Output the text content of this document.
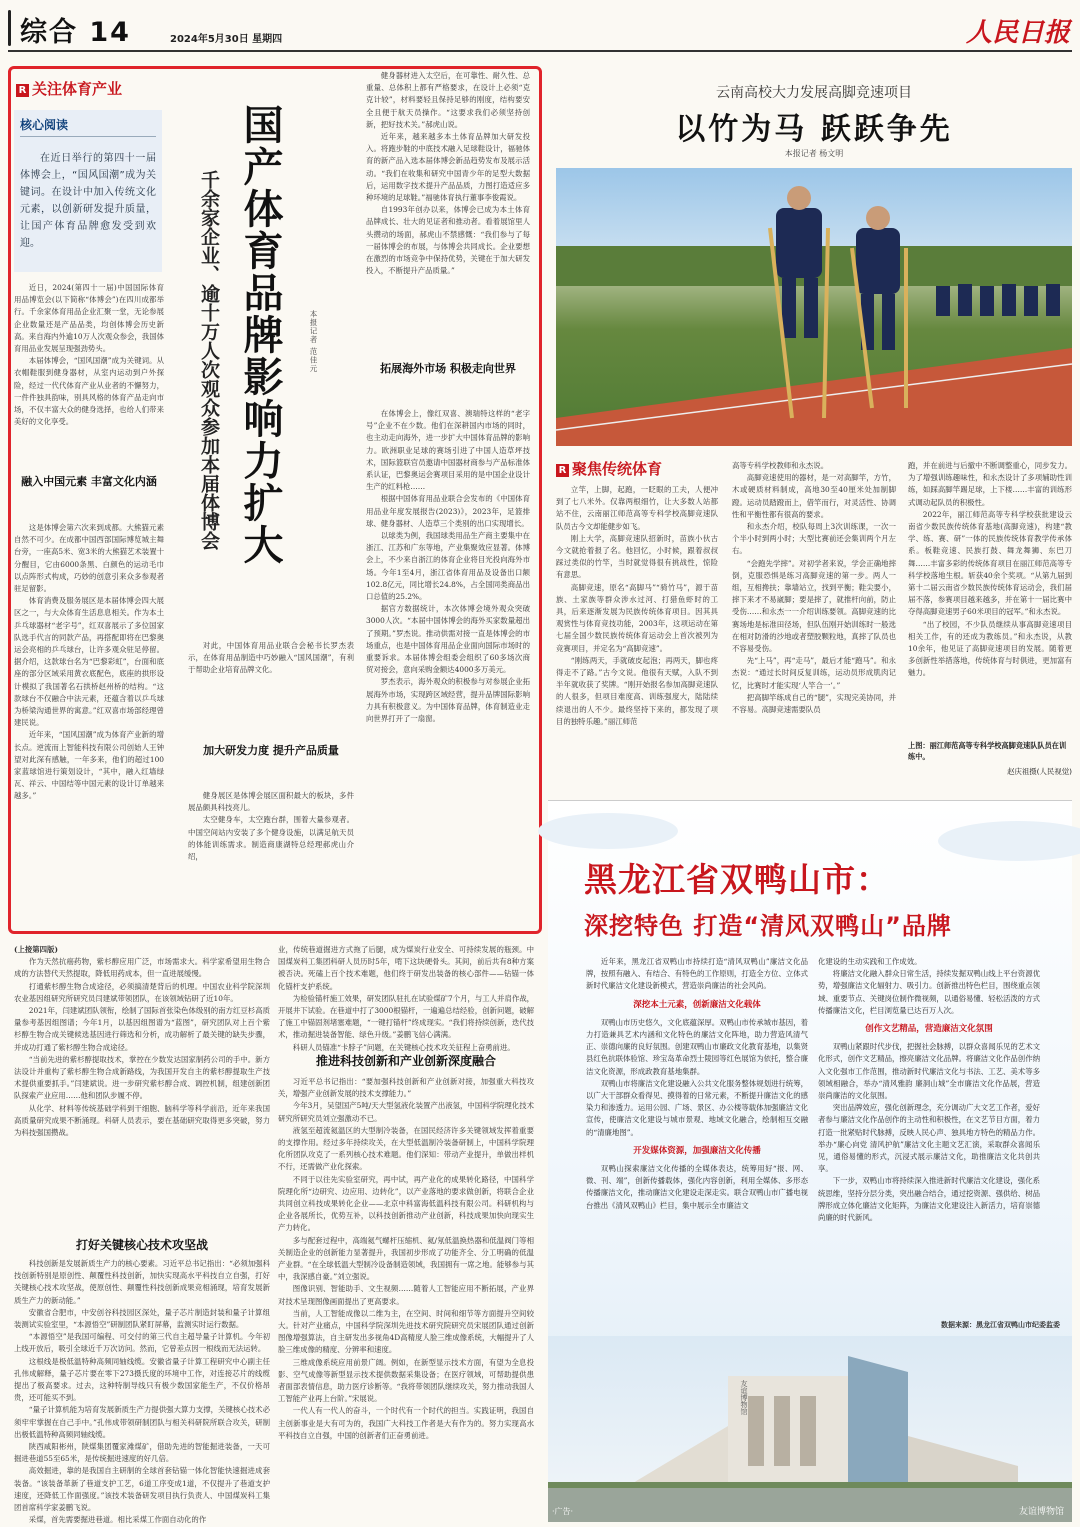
综合 14	2024年5月30日 星期四	人民日报
R 关注体育产业
核心阅读
在近日举行的第四十一届体博会上，“国风国潮”成为关键词。在设计中加入传统文化元素，以创新研发提升质量，让国产体育品牌愈发受到欢迎。	国产体育品牌影响力扩大
千余家企业、逾十万人次观众参加本届体博会	本报记者 范佳元

近日，2024(第四十一届)中国国际体育用品博览会(以下简称“体博会”)在四川成都举行。千余家体育用品企业汇聚一堂，无论参展企业数量还是产品品类，均创体博会历史新高。来自海内外逾10万人次观众参会，我国体育用品业发展呈现强劲势头。

本届体博会，“国风国潮”成为关键词。从衣帽鞋服到健身器材，从室内运动到户外探险，经过一代代体育产业从业者的不懈努力，一件件独具韵味，别具风格的体育产品走向市场，不仅丰富大众的健身选择，也给人们带来美好的文化享受。

融入中国元素 丰富文化内涵

这是体博会第六次来到成都。大熊猫元素自然不可少。在成都中国西部国际博览城主舞台旁，一座高5米、宽3米的大熊猫艺术装置十分醒目，它由6000条黑、白颜色的运动毛巾以点阵形式构成，巧妙的创意引来众多参观者驻足留影。

体育消费及服务展区是本届体博会四大展区之一，与大众体育生活息息相关。作为本土乒乓球器材“老字号”，红双喜展示了多位国家队选手代言的同款产品，再搭配即将在巴黎奥运会亮相的乒乓球台，让许多观众驻足停留。据介绍，这款球台名为“巴黎彩虹”，台面和底座的部分区域采用黄衣底配色，底座的拱形设计模拟了我国著名石拱桥赵州桥的结构。“这款球台不仅融合中法元素，还蕴含着以乒乓球为桥梁沟通世界的寓意。”红双喜市场部经理曾建民说。

近年来，“国风国潮”成为体育产业新的增长点。逆流而上智能科技有限公司创始人王钟望对此深有感触，一年多来，他们的超过100家蓝球馆进行策划设计，“其中，融入红墙绿瓦、祥云、中国结等中国元素的设计订单越来越多。”

对此，中国体育用品业联合会秘书长罗杰表示，在体育用品制造中巧妙融入“国风国潮”，有利于帮助企业培育品牌文化。

加大研发力度 提升产品质量

健身展区是体博会展区面积最大的板块，多件展品颇具科技亮儿。

太空健身车，太空跑台群，围着大量参观者。中国空间站内安装了多个健身设施，以满足航天员的体能训练需求。制造商康湖特总经理郝虎山介绍，

健身器材进入太空后，在可靠性、耐久性、总重量、总体积上都有严格要求，在设计上必须“克克计较”，材料要轻且保持足够的刚度，结构要安全且便于航天员操作。“这要求我们必须坚持创新，把好技术关。”郝虎山说。

近年来，越来越多本土体育品牌加大研发投入。将跑步鞋的中底技术融入足球鞋设计，福驰体育的新产品入选本届体博会新品趋势发布及展示活动。“我们在收集和研究中国青少年的足型大数据后，运用数字技术提升产品品质，力图打造适应多种环境的足球鞋。”福驰体育执行董事李俊霞说。

自1993年创办以来，体博会已成为本土体育品牌成长、壮大的见证者和推动者。看着展馆里人头攒动的场面，郝虎山不禁感慨：“我们参与了每一届体博会的布展，与体博会共同成长。企业要想在激烈的市场竞争中保持优势，关键在于加大研发投入，不断提升产品质量。”

拓展海外市场 积极走向世界

在体博会上，像红双喜、澳瑞特这样的“老字号”企业不在少数。他们在深耕国内市场的同时，也主动走向海外，进一步扩大中国体育品牌的影响力。欧洲职业足球的赛场引进了中国人造草坪技术，国际篮联官员邀请中国器材商参与产品标准体系认证，巴黎奥运会赛项目采用的是中国企业设计生产的红料枪……

根据中国体育用品业联合会发布的《中国体育用品业年度发展报告(2023)》，2023年，足篮排球、健身器材、人造草三个类别的出口实现增长。

以球类为例，我国球类用品生产商主要集中在浙江、江苏和广东等地，产业集聚效应显著。体博会上，不少来自浙江的体育企业将目光投向海外市场。今年1至4月，浙江省体育用品及设备出口额102.8亿元，同比增长24.8%，占全国同类商品出口总值的25.2%。

据官方数据统计，本次体博会境外观众突破3000人次。“本届中国体博会的海外买家数量超出了预期。”罗杰说。推动供需对接一直是体博会的市场重点，也是中国体育用品企业面向国际市场时的重要诉求。本届体博会组委会组织了60多场次商贸对接会，意向采购金额达4000多万美元。

罗杰表示，海外观众的积极参与对参展企业拓展海外市场，实现跨区域经营，提升品牌国际影响力具有积极意义。为中国体育品牌，体育制造业走向世界打开了一扇窗。

云南高校大力发展高脚竞速项目
以竹为马 跃跃争先
本报记者 杨文明
R 聚焦传统体育

立竿，上脚，起跑，一眨眼的工夫，人便冲到了七八米外。仅靠两根细竹，让大多数人站都站不住，云南丽江师范高等专科学校高脚竞速队队员古今文却能健步如飞。

刚上大学，高脚竞速队招新时，苗族小伙古今文就抢着报了名。他回忆，小时候，跟着叔叔踩过类似的竹竿，当时就觉得很有挑战性，惊险有意思。

高脚竞速，原名“高脚马”“骑竹马”，源于苗族、土家族等群众涉水过河、打猎鱼虾时的工具，后来逐渐发展为民族传统体育项目。因其具观赏性与体育竞技功能，2003年，这项运动在第七届全国少数民族传统体育运动会上首次被列为竞赛项目，并定名为“高脚竞速”。

“刚练两天，手就破皮起泡；再两天，脚也疼得走不了路。”古今文说。他很有天赋，入队不到半年就收获了奖牌。“刚开始报名参加高脚竞速队的人很多，但项目难度高、训练强度大，陆陆续续退出的人不少。最终坚持下来的，都发现了项目的独特乐趣。”丽江师范

高等专科学校教师和永杰说。

高脚竞速使用的器材，是一对高脚竿，方竹，木或硬质材料制成，高地30至40厘米处加制脚蹬。运动员踏蹬而上，借竿而行，对灵活性、协调性和平衡性都有很高的要求。

和永杰介绍，校队每周上3次训练课，一次一个半小时到两小时；大型比赛前还会集训两个月左右。

“会跑先学摔”。对初学者来说，学会正确地摔倒，克服恐惧是练习高脚竞速的第一步。两人一组，互相搀扶；靠墙站立，找到平衡；鞋尖要小，摔下来才不易崴脚；要是摔了，就推杆向前，防止受伤……和永杰一一介绍训练要领。高脚竞速的比赛场地是标准田径场，但队伍刚开始训练时一般选在相对防滑的沙地或者塑胶颗粒地，真摔了队员也不容易受伤。

先“上马”，再“走马”，最后才能“跑马”。和永杰说：“通过长时间反复训练，运动员形成肌肉记忆，比赛时才能实现‘人竿合一’。”

把高脚竿练成自己的“腿”，实现完美协同，并不容易。高脚竞速需要队员

跑，并在前进与后撤中不断调整重心，同步发力。为了增强训练趣味性，和永杰设计了多项辅助性训练，如踩高脚竿踢足球，上下楼……丰富的训练形式调动起队员的积极性。

2022年，丽江师范高等专科学校获批建设云南省少数民族传统体育基地(高脚竞速)，构建“教学、练、赛、研”一体的民族传统体育教学传承体系。板鞋竞速、民族打鼓、舞龙舞狮、东巴刀舞……丰富多彩的传统体育项目在丽江师范高等专科学校落地生根。斩获40余个奖项。“从第九届到第十二届云南省少数民族传统体育运动会，我们届届不落，参赛项目越来越多，并在第十一届比赛中夺得高脚竞速男子60米项目的冠军。”和永杰说。

“出了校园，不少队员继续从事高脚竞速项目相关工作，有的还成为教练员。”和永杰说，从教10余年，他见证了高脚竞速项目的发展。随着更多创新性举措落地，传统体育与时俱进，更加富有魅力。

上图：丽江师范高等专科学校高脚竞速队队员在训练中。
赵庆祖摄(人民视觉)

(上接第四版)

作为天然抗癌药物，紫杉醇应用广泛，市场需求大。科学家希望用生物合成的方法替代天然提取，降低用药成本，但一直进展缓慢。

打通紫杉醇生物合成途径，必须搞清楚背后的机理。中国农业科学院深圳农业基因组研究所研究员闫建斌带领团队，在该领域钻研了近10年。

2021年，闫建斌团队领衔，绘制了国际首张染色体级别的南方红豆杉高质量参考基因组图谱；今年1月，以基因组图谱为“蓝图”，研究团队对上百个紫杉醇生物合成关键候选基因进行筛选和分析，成功解析了最关键的缺失步骤，并成功打通了紫杉醇生物合成途径。

“当前先进的紫杉醇提取技术，掌控在少数发达国家制药公司的手中。新方法设计并重构了紫杉醇生物合成新路线，为我国开发自主的紫杉醇提取生产技术提供重要抓手。”闫建斌说。进一步研究紫杉醇合成、调控机制，组建创新团队探索产业应用……他和团队步履不停。

从化学、材料等传统基础学科到干细胞、脑科学等科学前沿，近年来我国高质量研究成果不断涌现。科研人员表示，要在基础研究取得更多突破，努力为科技强国攒战。

打好关键核心技术攻坚战

科技创新是发展新质生产力的核心要素。习近平总书记指出：“必须加强科技创新特别是原创性、颠覆性科技创新，加快实现高水平科技自立自强，打好关键核心技术攻坚战，使原创性、颠覆性科技创新成果竞相涌现，培育发展新质生产力的新动能。”

安徽省合肥市，中安创谷科技园区深处，量子芯片制造封装和量子计算组装测试实验室里，“本源悟空”研制团队紧盯屏幕，监测实时运行数据。

“本源悟空”是我国可编程、可交付的第三代自主超导量子计算机。今年初上线开放后，吸引全球近千万次访问。然而，它曾差点因一根线而无法运转。

这根线是极低温特种高频同轴线缆。安徽省量子计算工程研究中心副主任孔伟成解释，量子芯片要在零下273摄氏度的环境中工作，对连接芯片的线缆提出了极高要求。过去，这种特制导线只有极少数国家能生产，不仅价格昂贵，还可能买不到。

“量子计算机能为培育发展新质生产力提供强大算力支撑，关键核心技术必须牢牢掌握在自己手中。”孔伟成带领研制团队与相关科研院所联合攻关，研制出极低温特种高频同轴线缆。

陕西咸阳彬州，陕煤集团覆家滩煤矿，借助先进的智能掘进装备，一天可掘进巷道55至65米，是传统掘进速度的好几倍。

高效掘进，靠的是我国自主研制的全球首套钻锚一体化智能快速掘进成套装备。“该装备革新了巷道支护工艺，6道工序变成1道，不仅提升了巷道支护速度，还降低工作面强度。”该技术装备研发项目执行负责人、中国煤炭科工集团首席科学家姜鹏飞说。

采煤，首先需要掘进巷道。相比采煤工作面自动化的作

业，传统巷道掘进方式拖了后腿，成为煤炭行业安全、可持续发展的瓶颈。中国煤炭科工集团科研人员历时5年，啃下这块硬骨头。其间，前后共有8种方案被否决。死磕上百个技术难题，他们终于研发出装备的核心部件——钻锚一体化锚杆支护系统。

为检验锚杆施工效果，研发团队驻扎在试验煤矿7个月，与工人并肩作战，开展井下试验。在巷道中打了3000根锚杆，一遍遍总结经验，创新问题，破解了施工中锚固剂堵塞难题，“一键打锚杆”终成现实。“我们将持续创新，迭代技术，推动掘进装备智能、绿色升级。”姜鹏飞信心满满。

科研人员锚准“卡脖子”问题，在关键核心技术攻关征程上奋勇前进。

推进科技创新和产业创新深度融合

习近平总书记指出：“要加强科技创新和产业创新对接，加强重大科技攻关，增强产业创新发展的技术支撑能力。”

今年3月，吴望国产5吨/天大型氢液化装置产出液氢，中国科学院理化技术研究所研究员刘立强激动不已。

液氢至超流氦温区的大型制冷装备，在国民经济许多关键领域发挥着重要的支撑作用。经过多年持续攻关，在大型低温制冷装备研制上，中国科学院理化所团队攻克了一系列核心技术难题。他们深知：带动产业提升，单做出样机不行，还需做产业化探索。

不同于以往先实验室研究，再中试，再产业化的成果转化路径，中国科学院理化所“边研究、边应用、边转化”，以产业落地的要求做创新，将联合企业共同创立科技成果转化企业——北京中科富海低温科技有限公司。科研机构与企业各展所长，优势互补，以科技创新推动产业创新，科技成果加快向现实生产力转化。

多与配套过程中，高端氦气螺杆压缩机、氦/氖低温换热器和低温阀门等相关制造企业的创新能力显著提升，我国初步形成了功能齐全、分工明确的低温产业群。“在全球低温大型制冷设备制造领域，我国拥有一席之地。能够参与其中，我深感自豪。”刘立强说。

图像识别、智能助手、文生视频……随着人工智能应用不断拓展，产业界对技术呈现图像画面提出了更高要求。

当前，人工智能成像以二维为主，在空间、时间和细节等方面提升空间较大。针对产业痛点，中国科学院深圳先进技术研究院研究员宋展团队通过创新图像增强算法，自主研发出多视角4D高精度人脸三维成像系统，大幅提升了人脸三维成像的精度、分辨率和速度。

三维成像系统应用前景广阔。例如，在新型显示技术方面，有望为全息投影、空气成像等新型显示技术提供数据采集设备；在医疗领域，可帮助提供患者面部表情信息，助力医疗诊断等。“我将带领团队继续攻关，努力推动我国人工智能产业再上台阶。”宋展说。

一代人有一代人的奋斗，一个时代有一个时代的担当。实践证明，我国自主创新事业是大有可为的，我国广大科技工作者是大有作为的。努力实现高水平科技自立自强，中国的创新者们正奋勇前进。

黑龙江省双鸭山市：
深挖特色 打造“清风双鸭山”品牌

近年来，黑龙江省双鸭山市持续打造“清风双鸭山”廉洁文化品牌，按照有融入、有结合、有特色的工作原则，打造全方位、立体式新时代廉洁文化建设新模式，营造崇尚廉洁的社会风尚。

深挖本土元素，创新廉洁文化载体

双鸭山市历史悠久，文化底蕴深厚。双鸭山市传承城市基因，着力打造兼具艺术内涵和文化特色的廉洁文化阵地，助力营造风清气正、崇德向廉的良好氛围。创建双鸭山市廉政文化教育基地，以集贤县红色抗联体验馆、珍宝岛革命烈士陵园等红色展馆为依托，整合廉洁文化资源，形成政教育基地集群。

双鸭山市将廉洁文化建设融入公共文化服务整体规划进行统筹，以广大干部群众看得见、摸得着的日常元素，不断提升廉洁文化的感染力和渗透力。运用公园、广场、景区、办公楼等载体加强廉洁文化宣传，使廉洁文化建设与城市景观、地域文化融合，绘制相互交融的“清廉地图”。

开发媒体资源，加强廉洁文化传播

双鸭山探索廉洁文化传播的全媒体表达，统筹用好“报、网、微、刊、端”，创新传播载体，强化内容创新，利用全媒体、多形态传播廉洁文化，推动廉洁文化建设走深走实。联合双鸭山市广播电视台推出《清风双鸭山》栏目，集中展示全市廉洁文

化建设的生动实践和工作成效。

将廉洁文化融入群众日常生活，持续发掘双鸭山线上平台资源优势，增强廉洁文化辐射力、吸引力。创新推出特色栏目，围绕重点领域、重要节点、关键岗位制作微视频，以通俗易懂、轻松活泼的方式传播廉洁文化，栏目浏览量已达百万人次。

创作文艺精品，营造廉洁文化氛围

双鸭山紧跟时代步伐，把握社会脉搏，以群众喜闻乐见的艺术文化形式，创作文艺精品，擦亮廉洁文化品牌。将廉洁文化作品创作纳入文化强市工作范围，推动新时代廉洁文化与书法、工艺、美术等多领域相融合，举办“清风雅韵 廉洞山城”全市廉洁文化作品展，营造崇尚廉洁的文化氛围。

突出品牌效应，强化创新理念，充分调动广大文艺工作者，爱好者参与廉洁文化作品创作的主动性和积极性，在文艺节目方面，着力打造一批紧贴时代脉搏，反映人民心声、独具地方特色的精品力作。举办“廉心向党 清风护航”廉洁文化主题文艺汇演，采取群众喜闻乐见，通俗易懂的形式，沉浸式展示廉洁文化，助推廉洁文化共创共享。

下一步，双鸭山市将持续深入推进新时代廉洁文化建设，强化系统思维，坚持分层分类，突出融合结合，通过挖资源、强供给、树品牌形成立体化廉洁文化矩阵，为廉洁文化建设注入新活力，培育崇德尚廉的时代新风。

数据来源：黑龙江省双鸭山市纪委监委
友谊博物馆
·广告·	友谊博物馆
